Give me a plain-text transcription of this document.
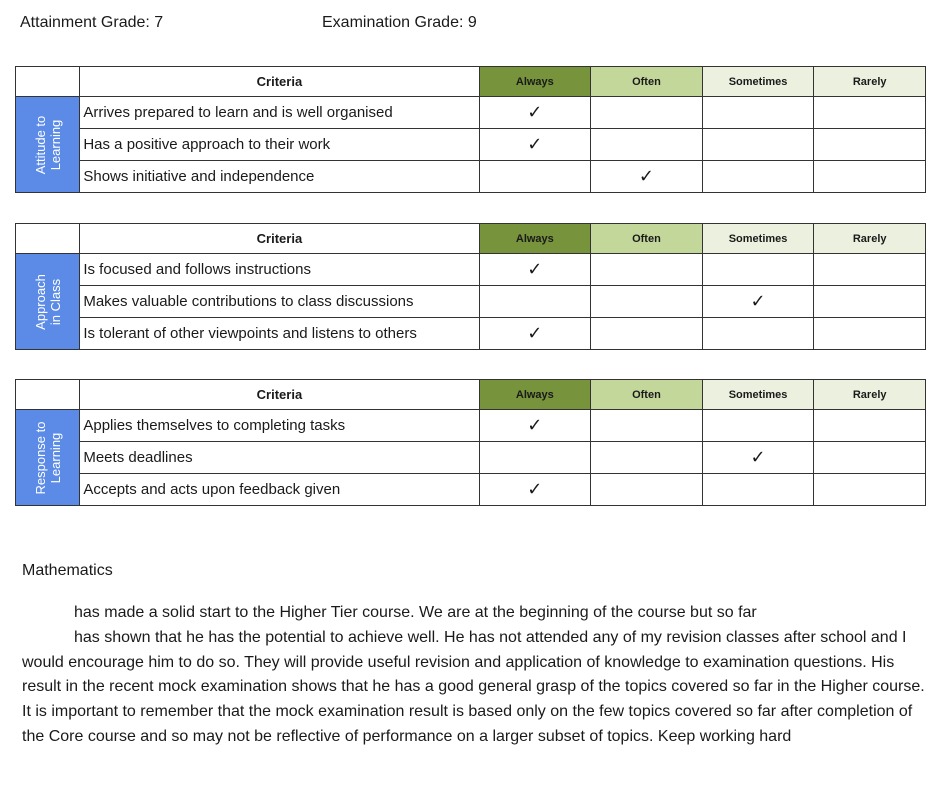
Attainment Grade: 7	Examination Grade: 9
	Criteria	Always	Often	Sometimes	Rarely

Attitude to Learning	Arrives prepared to learn and is well organised	✓			
	Has a positive approach to their work	✓			
	Shows initiative and independence		✓		
	Criteria	Always	Often	Sometimes	Rarely

Approach in Class	Is focused and follows instructions	✓			
	Makes valuable contributions to class discussions			✓	
	Is tolerant of other viewpoints and listens to others	✓			
	Criteria	Always	Often	Sometimes	Rarely

Response to Learning	Applies themselves to completing tasks	✓			
	Meets deadlines			✓	
	Accepts and acts upon feedback given	✓			
Mathematics

has made a solid start to the Higher Tier course. We are at the beginning of the course but so far

has shown that he has the potential to achieve well. He has not attended any of my revision classes after school and I would encourage him to do so. They will provide useful revision and application of knowledge to examination questions. His result in the recent mock examination shows that he has a good general grasp of the topics covered so far in the Higher course. It is important to remember that the mock examination result is based only on the few topics covered so far after completion of the Core course and so may not be reflective of performance on a larger subset of topics. Keep working hard
